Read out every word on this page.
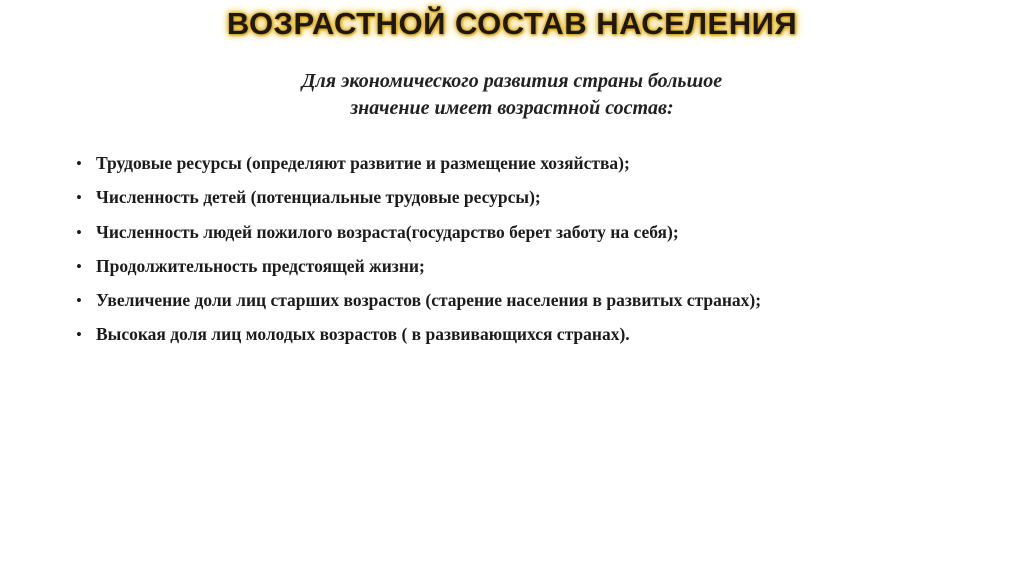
ВОЗРАСТНОЙ СОСТАВ НАСЕЛЕНИЯ
Для экономического развития страны большое значение имеет возрастной состав:
• Трудовые ресурсы (определяют развитие и размещение хозяйства);
• Численность детей (потенциальные трудовые ресурсы);
• Численность людей пожилого возраста(государство берет заботу на себя);
• Продолжительность предстоящей жизни;
• Увеличение доли лиц старших возрастов (старение населения в развитых странах);
• Высокая доля лиц молодых возрастов ( в развивающихся странах).
